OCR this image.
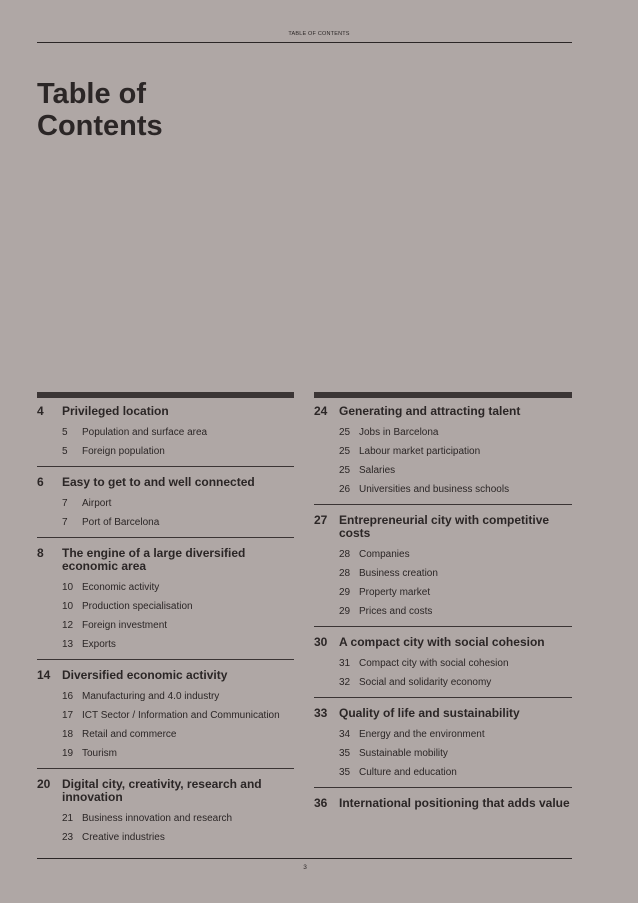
TABLE OF CONTENTS
Table of
Contents
4	Privileged location
5	Population and surface area
5	Foreign population
6	Easy to get to and well connected
7	Airport
7	Port of Barcelona
8	The engine of a large diversified economic area
10 Economic activity
10 Production specialisation
12 Foreign investment
13 Exports
14 Diversified economic activity
16 Manufacturing and 4.0 industry
17 ICT Sector / Information and Communication
18 Retail and commerce
19 Tourism
20 Digital city, creativity, research and innovation
21 Business innovation and research
23 Creative industries
24 Generating and attracting talent
25 Jobs in Barcelona
25 Labour market participation
25 Salaries
26 Universities and business schools
27 Entrepreneurial city with competitive costs
28 Companies
28 Business creation
29 Property market
29 Prices and costs
30 A compact city with social cohesion
31 Compact city with social cohesion
32 Social and solidarity economy
33 Quality of life and sustainability
34 Energy and the environment
35 Sustainable mobility
35 Culture and education
36 International positioning that adds value
3
